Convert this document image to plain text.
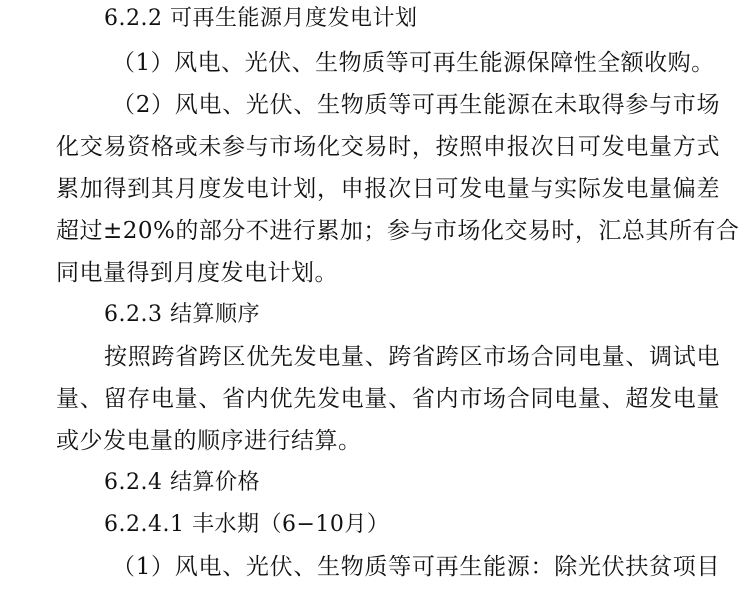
6.2.2 可再生能源月度发电计划
（1）风电、光伏、生物质等可再生能源保障性全额收购。
（2）风电、光伏、生物质等可再生能源在未取得参与市场
化交易资格或未参与市场化交易时，按照申报次日可发电量方式
累加得到其月度发电计划，申报次日可发电量与实际发电量偏差
超过±20%的部分不进行累加；参与市场化交易时，汇总其所有合
同电量得到月度发电计划。
6.2.3 结算顺序
按照跨省跨区优先发电量、跨省跨区市场合同电量、调试电
量、留存电量、省内优先发电量、省内市场合同电量、超发电量
或少发电量的顺序进行结算。
6.2.4 结算价格
6.2.4.1 丰水期（6−10月）
（1）风电、光伏、生物质等可再生能源：除光伏扶贫项目
